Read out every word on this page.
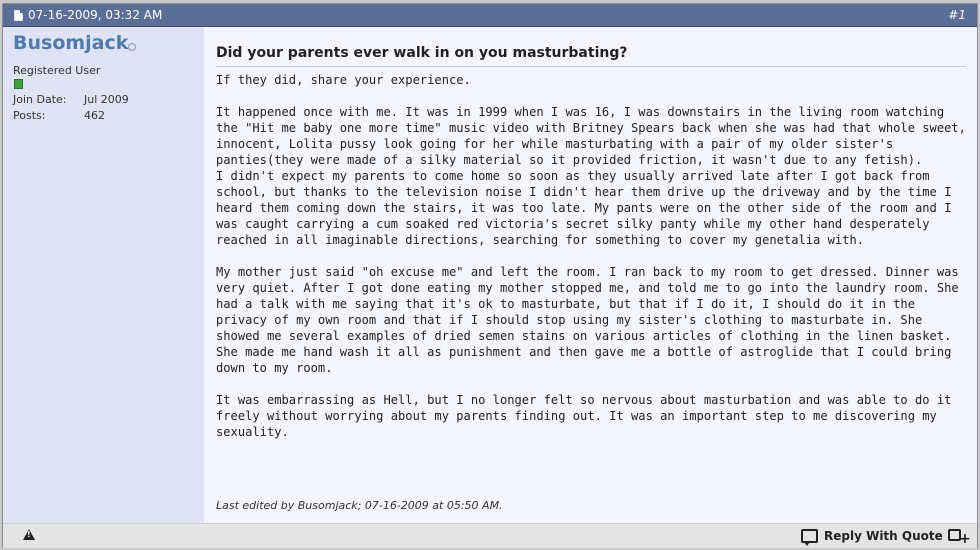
07-16-2009, 03:32 AM	#1
Busomjack
Registered User
Join Date: Jul 2009
Posts:	462
Did your parents ever walk in on you masturbating?

If they did, share your experience.

It happened once with me. It was in 1999 when I was 16, I was downstairs in the living room watching the "Hit me baby one more time" music video with Britney Spears back when she was had that whole sweet, innocent, Lolita pussy look going for her while masturbating with a pair of my older sister's panties(they were made of a silky material so it provided friction, it wasn't due to any fetish).
I didn't expect my parents to come home so soon as they usually arrived late after I got back from school, but thanks to the television noise I didn't hear them drive up the driveway and by the time I heard them coming down the stairs, it was too late. My pants were on the other side of the room and I was caught carrying a cum soaked red victoria's secret silky panty while my other hand desperately reached in all imaginable directions, searching for something to cover my genetalia with.

My mother just said "oh excuse me" and left the room. I ran back to my room to get dressed. Dinner was very quiet. After I got done eating my mother stopped me, and told me to go into the laundry room. She had a talk with me saying that it's ok to masturbate, but that if I do it, I should do it in the privacy of my own room and that if I should stop using my sister's clothing to masturbate in. She showed me several examples of dried semen stains on various articles of clothing in the linen basket.
She made me hand wash it all as punishment and then gave me a bottle of astroglide that I could bring down to my room.

It was embarrassing as Hell, but I no longer felt so nervous about masturbation and was able to do it freely without worrying about my parents finding out. It was an important step to me discovering my sexuality.

Last edited by Busomjack; 07-16-2009 at 05:50 AM.
!
Reply With Quote +
